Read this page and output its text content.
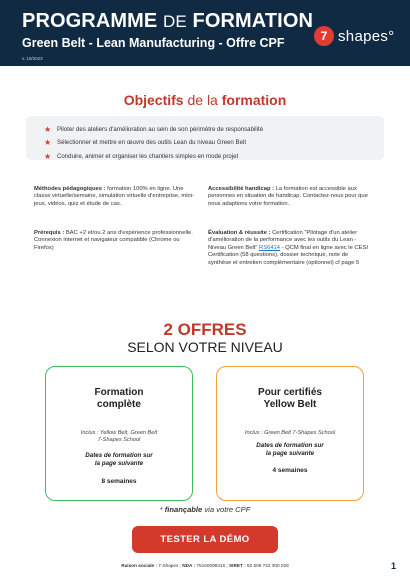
PROGRAMME DE FORMATION
Green Belt - Lean Manufacturing - Offre CPF
v. 10/2023
7 shapes°
Objectifs de la formation
★ Piloter des ateliers d'amélioration au sein de son périmètre de responsabilité
★ Sélectionner et mettre en œuvre des outils Lean du niveau Green Belt
★ Conduire, animer et organiser les chantiers simples en mode projet
Méthodes pédagogiques : formation 100% en ligne. Une classe virtuelle/semaine, simulation virtuelle d'entreprise, mini-jeux, vidéos, quiz et étude de cas.
Prérequis : BAC +2 et/ou 2 ans d'expérience professionnelle. Connexion internet et navigateur compatible (Chrome ou Firefox)
Accessibilité handicap : La formation est accessible aux personnes en situation de handicap. Contactez-nous pour que nous adaptions votre formation.
Évaluation & réussite : Certification "Pilotage d'un atelier d'amélioration de la performance avec les outils du Lean - Niveau Green Belt" RS6414 - QCM final en ligne avec le CESI Certification (58 questions), dossier technique, note de synthèse et entretien complémentaire (optionnel) cf page 5
2 OFFRES
SELON VOTRE NIVEAU
Formation
complète
Inclus : Yellow Belt, Green Belt
7-Shapes School
Dates de formation sur
la page suivante
8 semaines
Pour certifiés
Yellow Belt
Inclus : Green Belt 7-Shapes School
Dates de formation sur
la page suivante
4 semaines
* finançable via votre CPF
TESTER LA DÉMO
Raison sociale : 7-Shapes ; NDA : 75160098316 ; SIRET : 82 509 722 300 028	1
